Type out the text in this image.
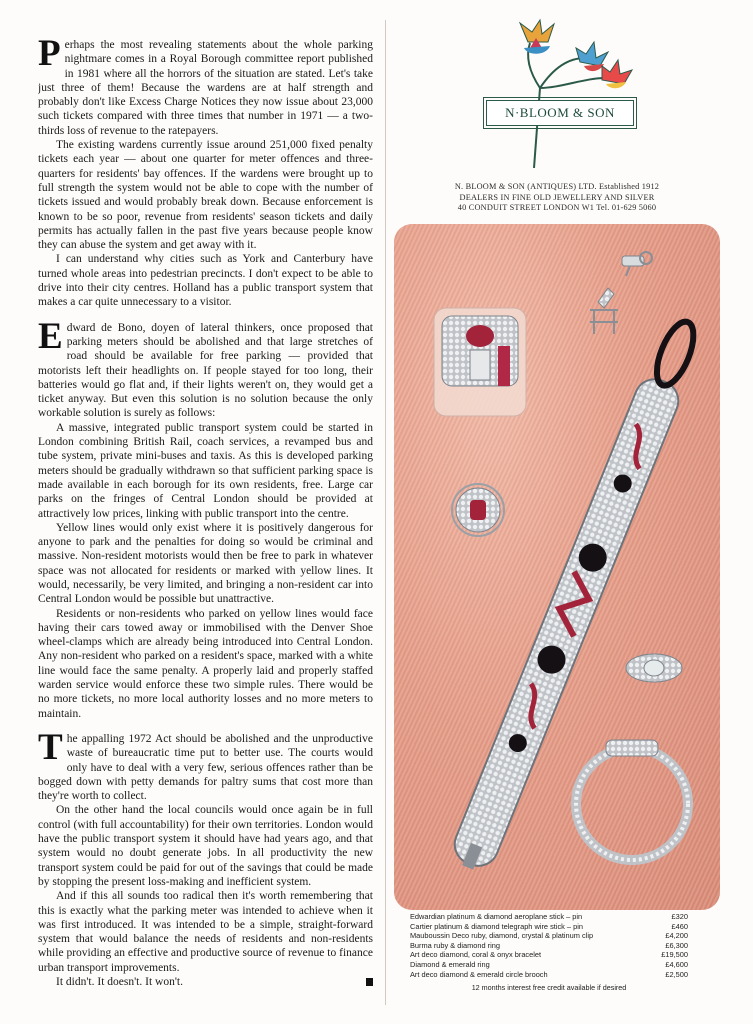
Perhaps the most revealing statements about the whole parking nightmare comes in a Royal Borough committee report published in 1981 where all the horrors of the situation are stated. Let's take just three of them! Because the wardens are at half strength and probably don't like Excess Charge Notices they now issue about 23,000 such tickets compared with three times that number in 1971 — a two-thirds loss of revenue to the ratepayers.

The existing wardens currently issue around 251,000 fixed penalty tickets each year — about one quarter for meter offences and three-quarters for residents' bay offences. If the wardens were brought up to full strength the system would not be able to cope with the number of tickets issued and would probably break down. Because enforcement is known to be so poor, revenue from residents' season tickets and daily permits has actually fallen in the past five years because people know they can abuse the system and get away with it.

I can understand why cities such as York and Canterbury have turned whole areas into pedestrian precincts. I don't expect to be able to drive into their city centres. Holland has a public transport system that makes a car quite unnecessary to a visitor.

Edward de Bono, doyen of lateral thinkers, once proposed that parking meters should be abolished and that large stretches of road should be available for free parking — provided that motorists left their headlights on. If people stayed for too long, their batteries would go flat and, if their lights weren't on, they would get a ticket anyway. But even this solution is no solution because the only workable solution is surely as follows:

A massive, integrated public transport system could be started in London combining British Rail, coach services, a revamped bus and tube system, private mini-buses and taxis. As this is developed parking meters should be gradually withdrawn so that sufficient parking space is made available in each borough for its own residents, free. Large car parks on the fringes of Central London should be provided at attractively low prices, linking with public transport into the centre.

Yellow lines would only exist where it is positively dangerous for anyone to park and the penalties for doing so would be criminal and massive. Non-resident motorists would then be free to park in whatever space was not allocated for residents or marked with yellow lines. It would, necessarily, be very limited, and bringing a non-resident car into Central London would be possible but unattractive.

Residents or non-residents who parked on yellow lines would face having their cars towed away or immobilised with the Denver Shoe wheel-clamps which are already being introduced into Central London. Any non-resident who parked on a resident's space, marked with a white line would face the same penalty. A properly laid and properly staffed warden service would enforce these two simple rules. There would be no more tickets, no more local authority losses and no more meters to maintain.

The appalling 1972 Act should be abolished and the unproductive waste of bureaucratic time put to better use. The courts would only have to deal with a very few, serious offences rather than be bogged down with petty demands for paltry sums that cost more than they're worth to collect.

On the other hand the local councils would once again be in full control (with full accountability) for their own territories. London would have the public transport system it should have had years ago, and that system would no doubt generate jobs. In all productivity the new transport system could be paid for out of the savings that could be made by stopping the present loss-making and inefficient system.

And if this all sounds too radical then it's worth remembering that this is exactly what the parking meter was intended to achieve when it was first introduced. It was intended to be a simple, straight-forward system that would balance the needs of residents and non-residents while providing an effective and productive source of revenue to finance urban transport improvements.

It didn't. It doesn't. It won't.

N·BLOOM & SON
N. BLOOM & SON (ANTIQUES) LTD. Established 1912
DEALERS IN FINE OLD JEWELLERY AND SILVER
40 CONDUIT STREET LONDON W1 Tel. 01-629 5060
Edwardian platinum & diamond aeroplane stick – pin	£320
Cartier platinum & diamond telegraph wire stick – pin	£460
Mauboussin Deco ruby, diamond, crystal & platinum clip	£4,200
Burma ruby & diamond ring	£6,300
Art deco diamond, coral & onyx bracelet	£19,500
Diamond & emerald ring	£4,600
Art deco diamond & emerald circle brooch	£2,500
12 months interest free credit available if desired
